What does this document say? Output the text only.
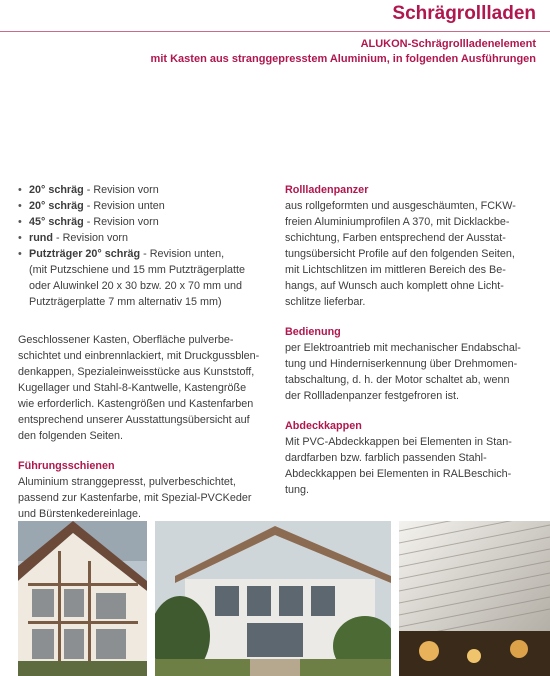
Schrägrollladen
ALUKON-Schrägrollladenelement
mit Kasten aus stranggepresstem Aluminium, in folgenden Ausführungen
• 20° schräg - Revision vorn
• 20° schräg - Revision unten
• 45° schräg - Revision vorn
• rund - Revision vorn
• Putzträger 20° schräg - Revision unten,
(mit Putzschiene und 15 mm Putzträgerplatte
oder Aluwinkel 20 x 30 bzw. 20 x 70 mm und
Putzträgerplatte 7 mm alternativ 15 mm)
Geschlossener Kasten, Oberfläche pulverbe-
schichtet und einbrennlackiert, mit Druckgussblen-
denkappen, Spezialeinweisstücke aus Kunststoff,
Kugellager und Stahl-8-Kantwelle, Kastengröße
wie erforderlich. Kastengrößen und Kastenfarben
entsprechend unserer Ausstattungsübersicht auf
den folgenden Seiten.
Führungsschienen
Aluminium stranggepresst, pulverbeschichtet,
passend zur Kastenfarbe, mit Spezial-PVCKeder
und Bürstenkedereinlage.
Rollladenpanzer
aus rollgeformten und ausgeschäumten, FCKW-
freien Aluminiumprofilen A 370, mit Dicklackbe-
schichtung, Farben entsprechend der Ausstat-
tungsübersicht Profile auf den folgenden Seiten,
mit Lichtschlitzen im mittleren Bereich des Be-
hangs, auf Wunsch auch komplett ohne Licht-
schlitze lieferbar.
Bedienung
per Elektroantrieb mit mechanischer Endabschal-
tung und Hinderniserkennung über Drehmomen-
tabschaltung, d. h. der Motor schaltet ab, wenn
der Rollladenpanzer festgefroren ist.
Abdeckkappen
Mit PVC-Abdeckkappen bei Elementen in Stan-
dardfarben bzw. farblich passenden Stahl-
Abdeckkappen bei Elementen in RALBeschich-
tung.
